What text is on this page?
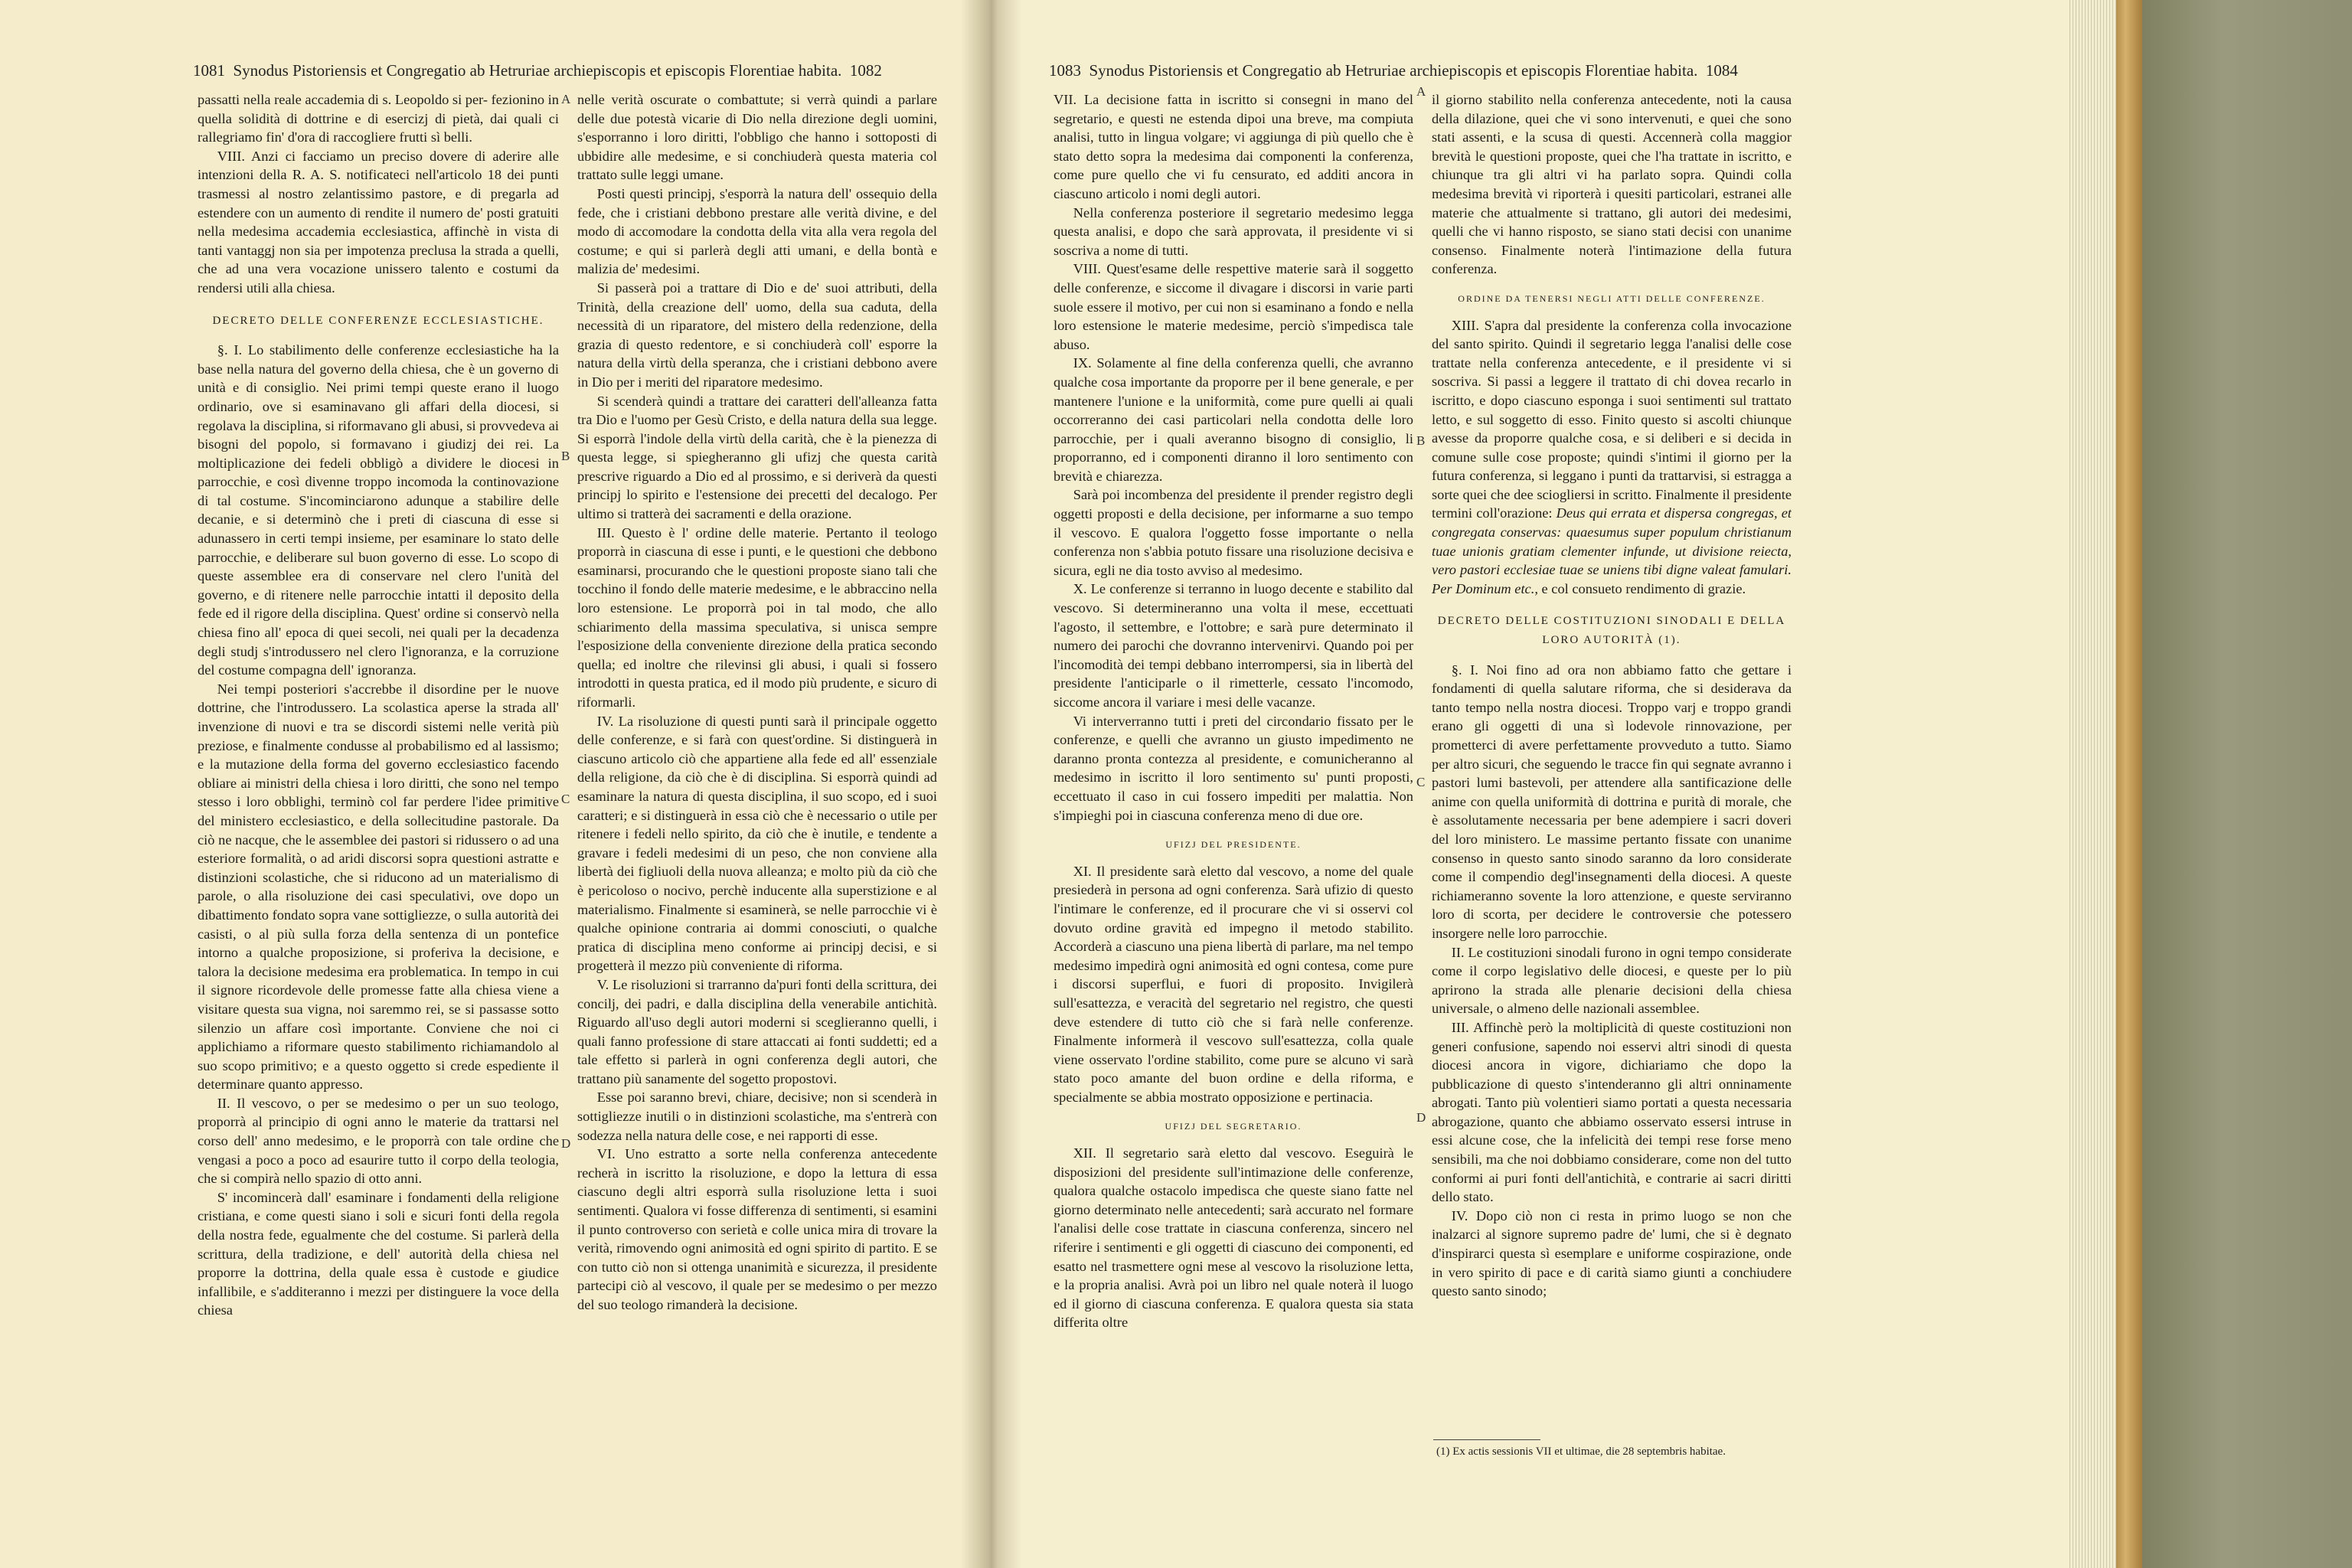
1081 Synodus Pistoriensis et Congregatio ab Hetruriae archiepiscopis et episcopis Florentiae habita. 1082

passatti nella reale accademia di s. Leopoldo si per- fezionino in quella solidità di dottrine e di esercizj di pietà, dai quali ci rallegriamo fin' d'ora di raccogliere frutti sì belli.

VIII. Anzi ci facciamo un preciso dovere di aderire alle intenzioni della R. A. S. notificateci nell'articolo 18 dei punti trasmessi al nostro zelantissimo pastore, e di pregarla ad estendere con un aumento di rendite il numero de' posti gratuiti nella medesima accademia ecclesiastica, affinchè in vista di tanti vantaggj non sia per impotenza preclusa la strada a quelli, che ad una vera vocazione unissero talento e costumi da rendersi utili alla chiesa.

DECRETO DELLE CONFERENZE ECCLESIASTICHE.

§. I. Lo stabilimento delle conferenze ecclesiastiche ha la base nella natura del governo della chiesa, che è un governo di unità e di consiglio. Nei primi tempi queste erano il luogo ordinario, ove si esaminavano gli affari della diocesi, si regolava la disciplina, si riformavano gli abusi, si provvedeva ai bisogni del popolo, si formavano i giudizj dei rei. La moltiplicazione dei fedeli obbligò a dividere le diocesi in parrocchie, e così divenne troppo incomoda la continovazione di tal costume. S'incominciarono adunque a stabilire delle decanie, e si determinò che i preti di ciascuna di esse si adunassero in certi tempi insieme, per esaminare lo stato delle parrocchie, e deliberare sul buon governo di esse. Lo scopo di queste assemblee era di conservare nel clero l'unità del governo, e di ritenere nelle parrocchie intatti il deposito della fede ed il rigore della disciplina. Quest' ordine si conservò nella chiesa fino all' epoca di quei secoli, nei quali per la decadenza degli studj s'introdussero nel clero l'ignoranza, e la corruzione del costume compagna dell' ignoranza.

Nei tempi posteriori s'accrebbe il disordine per le nuove dottrine, che l'introdussero. La scolastica aperse la strada all' invenzione di nuovi e tra se discordi sistemi nelle verità più preziose, e finalmente condusse al probabilismo ed al lassismo; e la mutazione della forma del governo ecclesiastico facendo obliare ai ministri della chiesa i loro diritti, che sono nel tempo stesso i loro obblighi, terminò col far perdere l'idee primitive del ministero ecclesiastico, e della sollecitudine pastorale. Da ciò ne nacque, che le assemblee dei pastori si ridussero o ad una esteriore formalità, o ad aridi discorsi sopra questioni astratte e distinzioni scolastiche, che si riducono ad un materialismo di parole, o alla risoluzione dei casi speculativi, ove dopo un dibattimento fondato sopra vane sottigliezze, o sulla autorità dei casisti, o al più sulla forza della sentenza di un pontefice intorno a qualche proposizione, si proferiva la decisione, e talora la decisione medesima era problematica. In tempo in cui il signore ricordevole delle promesse fatte alla chiesa viene a visitare questa sua vigna, noi saremmo rei, se si passasse sotto silenzio un affare così importante. Conviene che noi ci applichiamo a riformare questo stabilimento richiamandolo al suo scopo primitivo; e a questo oggetto si crede espediente il determinare quanto appresso.

II. Il vescovo, o per se medesimo o per un suo teologo, proporrà al principio di ogni anno le materie da trattarsi nel corso dell' anno medesimo, e le proporrà con tale ordine che vengasi a poco a poco ad esaurire tutto il corpo della teologia, che si compirà nello spazio di otto anni.

S' incomincerà dall' esaminare i fondamenti della religione cristiana, e come questi siano i soli e sicuri fonti della regola della nostra fede, egualmente che del costume. Si parlerà della scrittura, della tradizione, e dell' autorità della chiesa nel proporre la dottrina, della quale essa è custode e giudice infallibile, e s'additeranno i mezzi per distinguere la voce della chiesa

A
B
C
D

nelle verità oscurate o combattute; si verrà quindi a parlare delle due potestà vicarie di Dio nella direzione degli uomini, s'esporranno i loro diritti, l'obbligo che hanno i sottoposti di ubbidire alle medesime, e si conchiuderà questa materia col trattato sulle leggi umane.

Posti questi principj, s'esporrà la natura dell' ossequio della fede, che i cristiani debbono prestare alle verità divine, e del modo di accomodare la condotta della vita alla vera regola del costume; e qui si parlerà degli atti umani, e della bontà e malizia de' medesimi.

Si passerà poi a trattare di Dio e de' suoi attributi, della Trinità, della creazione dell' uomo, della sua caduta, della necessità di un riparatore, del mistero della redenzione, della grazia di questo redentore, e si conchiuderà coll' esporre la natura della virtù della speranza, che i cristiani debbono avere in Dio per i meriti del riparatore medesimo.

Si scenderà quindi a trattare dei caratteri dell'alleanza fatta tra Dio e l'uomo per Gesù Cristo, e della natura della sua legge. Si esporrà l'indole della virtù della carità, che è la pienezza di questa legge, si spiegheranno gli ufizj che questa carità prescrive riguardo a Dio ed al prossimo, e si deriverà da questi principj lo spirito e l'estensione dei precetti del decalogo. Per ultimo si tratterà dei sacramenti e della orazione.

III. Questo è l' ordine delle materie. Pertanto il teologo proporrà in ciascuna di esse i punti, e le questioni che debbono esaminarsi, procurando che le questioni proposte siano tali che tocchino il fondo delle materie medesime, e le abbraccino nella loro estensione. Le proporrà poi in tal modo, che allo schiarimento della massima speculativa, si unisca sempre l'esposizione della conveniente direzione della pratica secondo quella; ed inoltre che rilevinsi gli abusi, i quali si fossero introdotti in questa pratica, ed il modo più prudente, e sicuro di riformarli.

IV. La risoluzione di questi punti sarà il principale oggetto delle conferenze, e si farà con quest'ordine. Si distinguerà in ciascuno articolo ciò che appartiene alla fede ed all' essenziale della religione, da ciò che è di disciplina. Si esporrà quindi ad esaminare la natura di questa disciplina, il suo scopo, ed i suoi caratteri; e si distinguerà in essa ciò che è necessario o utile per ritenere i fedeli nello spirito, da ciò che è inutile, e tendente a gravare i fedeli medesimi di un peso, che non conviene alla libertà dei figliuoli della nuova alleanza; e molto più da ciò che è pericoloso o nocivo, perchè inducente alla superstizione e al materialismo. Finalmente si esaminerà, se nelle parrocchie vi è qualche opinione contraria ai dommi conosciuti, o qualche pratica di disciplina meno conforme ai principj decisi, e si progetterà il mezzo più conveniente di riforma.

V. Le risoluzioni si trarranno da'puri fonti della scrittura, dei concilj, dei padri, e dalla disciplina della venerabile antichità. Riguardo all'uso degli autori moderni si sceglieranno quelli, i quali fanno professione di stare attaccati ai fonti suddetti; ed a tale effetto si parlerà in ogni conferenza degli autori, che trattano più sanamente del sogetto propostovi.

Esse poi saranno brevi, chiare, decisive; non si scenderà in sottigliezze inutili o in distinzioni scolastiche, ma s'entrerà con sodezza nella natura delle cose, e nei rapporti di esse.

VI. Uno estratto a sorte nella conferenza antecedente recherà in iscritto la risoluzione, e dopo la lettura di essa ciascuno degli altri esporrà sulla risoluzione letta i suoi sentimenti. Qualora vi fosse differenza di sentimenti, si esamini il punto controverso con serietà e colle unica mira di trovare la verità, rimovendo ogni animosità ed ogni spirito di partito. E se con tutto ciò non si ottenga unanimità e sicurezza, il presidente partecipi ciò al vescovo, il quale per se medesimo o per mezzo del suo teologo rimanderà la decisione.

1083 Synodus Pistoriensis et Congregatio ab Hetruriae archiepiscopis et episcopis Florentiae habita. 1084

VII. La decisione fatta in iscritto si consegni in mano del segretario, e questi ne estenda dipoi una breve, ma compiuta analisi, tutto in lingua volgare; vi aggiunga di più quello che è stato detto sopra la medesima dai componenti la conferenza, come pure quello che vi fu censurato, ed additi ancora in ciascuno articolo i nomi degli autori.

Nella conferenza posteriore il segretario medesimo legga questa analisi, e dopo che sarà approvata, il presidente vi si soscriva a nome di tutti.

VIII. Quest'esame delle respettive materie sarà il soggetto delle conferenze, e siccome il divagare i discorsi in varie parti suole essere il motivo, per cui non si esaminano a fondo e nella loro estensione le materie medesime, perciò s'impedisca tale abuso.

IX. Solamente al fine della conferenza quelli, che avranno qualche cosa importante da proporre per il bene generale, e per mantenere l'unione e la uniformità, come pure quelli ai quali occorreranno dei casi particolari nella condotta delle loro parrocchie, per i quali averanno bisogno di consiglio, li proporranno, ed i componenti diranno il loro sentimento con brevità e chiarezza.

Sarà poi incombenza del presidente il prender registro degli oggetti proposti e della decisione, per informarne a suo tempo il vescovo. E qualora l'oggetto fosse importante o nella conferenza non s'abbia potuto fissare una risoluzione decisiva e sicura, egli ne dia tosto avviso al medesimo.

X. Le conferenze si terranno in luogo decente e stabilito dal vescovo. Si determineranno una volta il mese, eccettuati l'agosto, il settembre, e l'ottobre; e sarà pure determinato il numero dei parochi che dovranno intervenirvi. Quando poi per l'incomodità dei tempi debbano interrompersi, sia in libertà del presidente l'anticiparle o il rimetterle, cessato l'incomodo, siccome ancora il variare i mesi delle vacanze.

Vi interverranno tutti i preti del circondario fissato per le conferenze, e quelli che avranno un giusto impedimento ne daranno pronta contezza al presidente, e comunicheranno al medesimo in iscritto il loro sentimento su' punti proposti, eccettuato il caso in cui fossero impediti per malattia. Non s'impieghi poi in ciascuna conferenza meno di due ore.

UFIZJ DEL PRESIDENTE.

XI. Il presidente sarà eletto dal vescovo, a nome del quale presiederà in persona ad ogni conferenza. Sarà ufizio di questo l'intimare le conferenze, ed il procurare che vi si osservi col dovuto ordine gravità ed impegno il metodo stabilito. Accorderà a ciascuno una piena libertà di parlare, ma nel tempo medesimo impedirà ogni animosità ed ogni contesa, come pure i discorsi superflui, e fuori di proposito. Invigilerà sull'esattezza, e veracità del segretario nel registro, che questi deve estendere di tutto ciò che si farà nelle conferenze. Finalmente informerà il vescovo sull'esattezza, colla quale viene osservato l'ordine stabilito, come pure se alcuno vi sarà stato poco amante del buon ordine e della riforma, e specialmente se abbia mostrato opposizione e pertinacia.

UFIZJ DEL SEGRETARIO.

XII. Il segretario sarà eletto dal vescovo. Eseguirà le disposizioni del presidente sull'intimazione delle conferenze, qualora qualche ostacolo impedisca che queste siano fatte nel giorno determinato nelle antecedenti; sarà accurato nel formare l'analisi delle cose trattate in ciascuna conferenza, sincero nel riferire i sentimenti e gli oggetti di ciascuno dei componenti, ed esatto nel trasmettere ogni mese al vescovo la risoluzione letta, e la propria analisi. Avrà poi un libro nel quale noterà il luogo ed il giorno di ciascuna conferenza. E qualora questa sia stata differita oltre

A
B
C
D

il giorno stabilito nella conferenza antecedente, noti la causa della dilazione, quei che vi sono intervenuti, e quei che sono stati assenti, e la scusa di questi. Accennerà colla maggior brevità le questioni proposte, quei che l'ha trattate in iscritto, e chiunque tra gli altri vi ha parlato sopra. Quindi colla medesima brevità vi riporterà i quesiti particolari, estranei alle materie che attualmente si trattano, gli autori dei medesimi, quelli che vi hanno risposto, se siano stati decisi con unanime consenso. Finalmente noterà l'intimazione della futura conferenza.

ORDINE DA TENERSI NEGLI ATTI DELLE CONFERENZE.

XIII. S'apra dal presidente la conferenza colla invocazione del santo spirito. Quindi il segretario legga l'analisi delle cose trattate nella conferenza antecedente, e il presidente vi si soscriva. Si passi a leggere il trattato di chi dovea recarlo in iscritto, e dopo ciascuno esponga i suoi sentimenti sul trattato letto, e sul soggetto di esso. Finito questo si ascolti chiunque avesse da proporre qualche cosa, e si deliberi e si decida in comune sulle cose proposte; quindi s'intimi il giorno per la futura conferenza, si leggano i punti da trattarvisi, si estragga a sorte quei che dee sciogliersi in scritto. Finalmente il presidente termini coll'orazione: Deus qui errata et dispersa congregas, et congregata conservas: quaesumus super populum christianum tuae unionis gratiam clementer infunde, ut divisione reiecta, vero pastori ecclesiae tuae se uniens tibi digne valeat famulari. Per Dominum etc., e col consueto rendimento di grazie.

DECRETO DELLE COSTITUZIONI SINODALI E DELLA LORO AUTORITÀ (1).

§. I. Noi fino ad ora non abbiamo fatto che gettare i fondamenti di quella salutare riforma, che si desiderava da tanto tempo nella nostra diocesi. Troppo varj e troppo grandi erano gli oggetti di una sì lodevole rinnovazione, per prometterci di avere perfettamente provveduto a tutto. Siamo per altro sicuri, che seguendo le tracce fin qui segnate avranno i pastori lumi bastevoli, per attendere alla santificazione delle anime con quella uniformità di dottrina e purità di morale, che è assolutamente necessaria per bene adempiere i sacri doveri del loro ministero. Le massime pertanto fissate con unanime consenso in questo santo sinodo saranno da loro considerate come il compendio degl'insegnamenti della diocesi. A queste richiameranno sovente la loro attenzione, e queste serviranno loro di scorta, per decidere le controversie che potessero insorgere nelle loro parrocchie.

II. Le costituzioni sinodali furono in ogni tempo considerate come il corpo legislativo delle diocesi, e queste per lo più aprirono la strada alle plenarie decisioni della chiesa universale, o almeno delle nazionali assemblee.

III. Affinchè però la moltiplicità di queste costituzioni non generi confusione, sapendo noi esservi altri sinodi di questa diocesi ancora in vigore, dichiariamo che dopo la pubblicazione di questo s'intenderanno gli altri onninamente abrogati. Tanto più volentieri siamo portati a questa necessaria abrogazione, quanto che abbiamo osservato essersi intruse in essi alcune cose, che la infelicità dei tempi rese forse meno sensibili, ma che noi dobbiamo considerare, come non del tutto conformi ai puri fonti dell'antichità, e contrarie ai sacri diritti dello stato.

IV. Dopo ciò non ci resta in primo luogo se non che inalzarci al signore supremo padre de' lumi, che si è degnato d'inspirarci questa sì esemplare e uniforme cospirazione, onde in vero spirito di pace e di carità siamo giunti a conchiudere questo santo sinodo;

(1) Ex actis sessionis VII et ultimae, die 28 septembris habitae.
